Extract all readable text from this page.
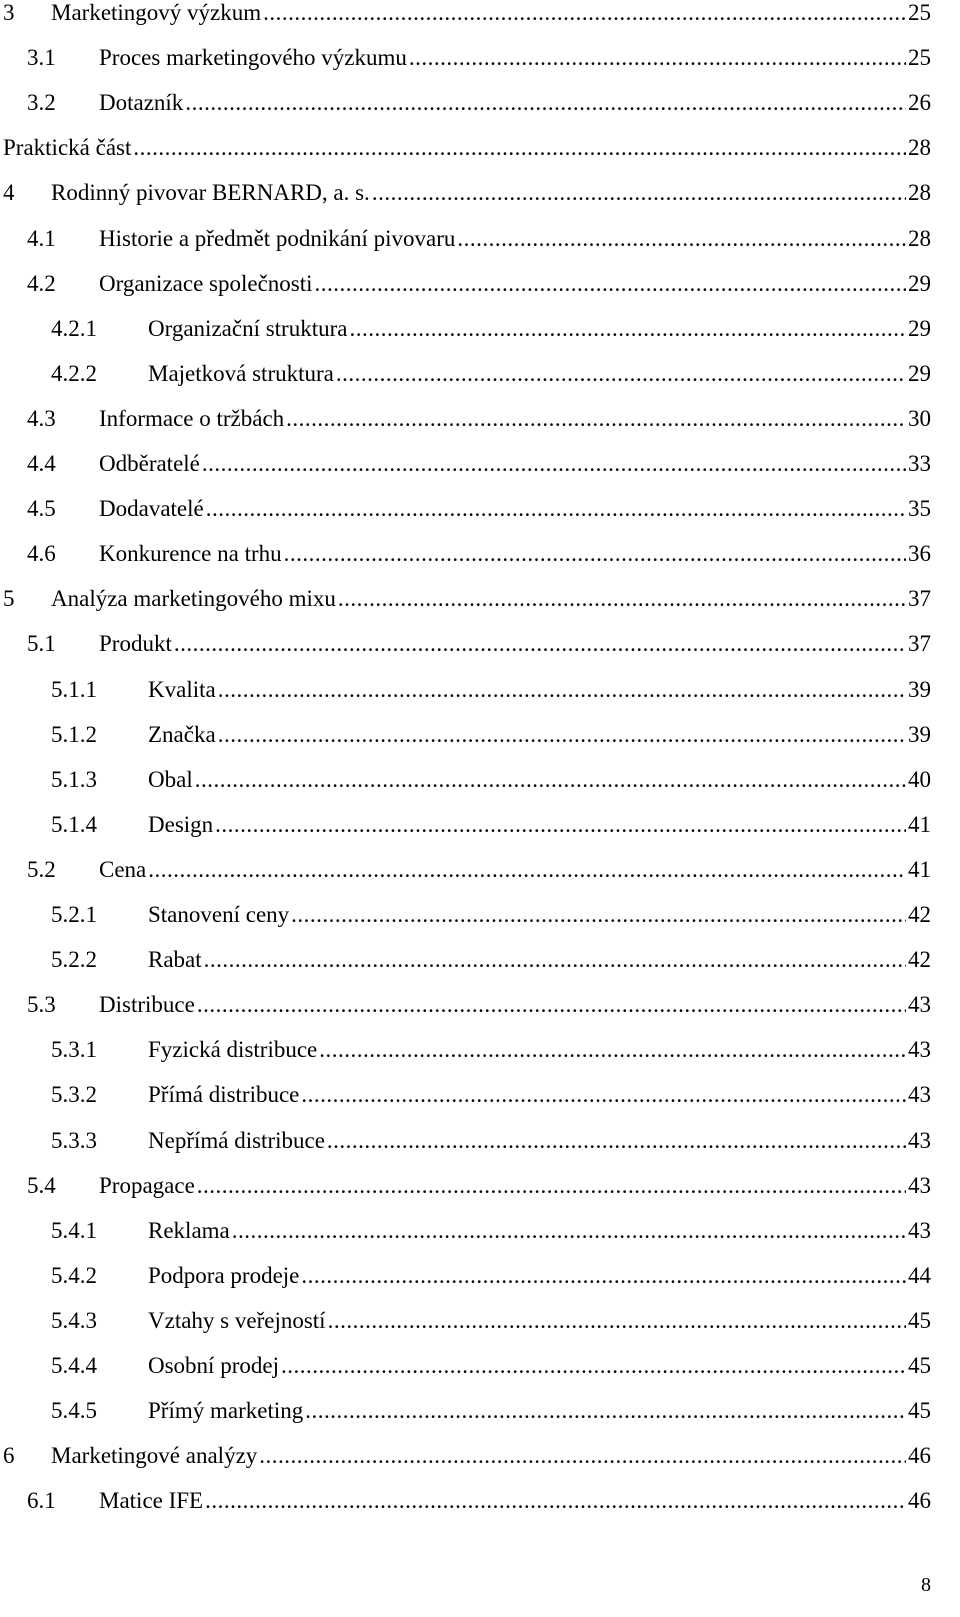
3 Marketingový výzkum .....	25
3.1 Proces marketingového výzkumu .....	25
3.2 Dotazník .....	26
Praktická část .....	28
4 Rodinný pivovar BERNARD, a. s. .....	28
4.1 Historie a předmět podnikání pivovaru .....	28
4.2 Organizace společnosti .....	29
4.2.1 Organizační struktura .....	29
4.2.2 Majetková struktura .....	29
4.3 Informace o tržbách .....	30
4.4 Odběratelé .....	33
4.5 Dodavatelé .....	35
4.6 Konkurence na trhu .....	36
5 Analýza marketingového mixu .....	37
5.1 Produkt .....	37
5.1.1 Kvalita .....	39
5.1.2 Značka .....	39
5.1.3 Obal .....	40
5.1.4 Design .....	41
5.2 Cena .....	41
5.2.1 Stanovení ceny .....	42
5.2.2 Rabat .....	42
5.3 Distribuce .....	43
5.3.1 Fyzická distribuce .....	43
5.3.2 Přímá distribuce .....	43
5.3.3 Nepřímá distribuce .....	43
5.4 Propagace .....	43
5.4.1 Reklama .....	43
5.4.2 Podpora prodeje .....	44
5.4.3 Vztahy s veřejností .....	45
5.4.4 Osobní prodej .....	45
5.4.5 Přímý marketing .....	45
6 Marketingové analýzy .....	46
6.1 Matice IFE .....	46
8
